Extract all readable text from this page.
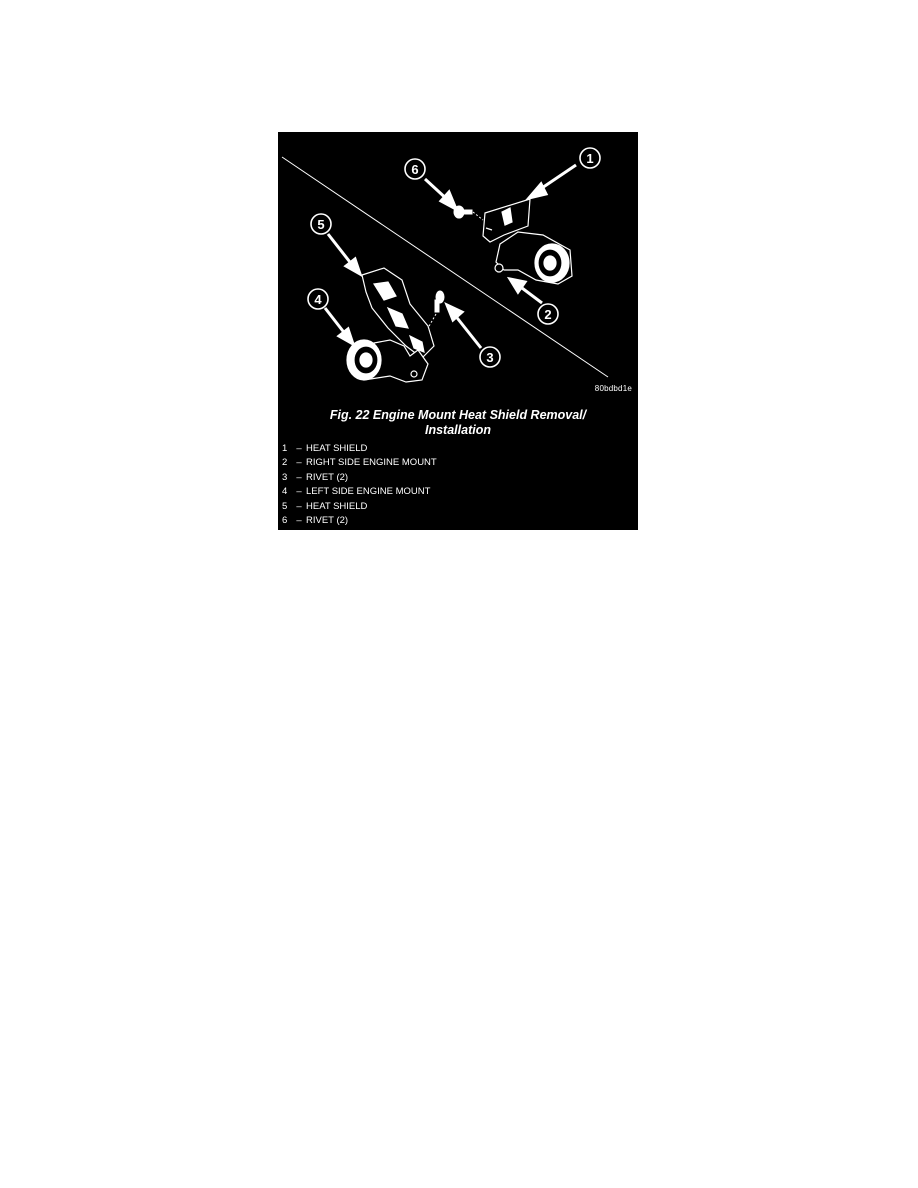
1
6
5
2
3
4
80bdbd1e
Fig. 22 Engine Mount Heat Shield Removal/
Installation
1 – HEAT SHIELD
2 – RIGHT SIDE ENGINE MOUNT
3 – RIVET (2)
4 – LEFT SIDE ENGINE MOUNT
5 – HEAT SHIELD
6 – RIVET (2)
